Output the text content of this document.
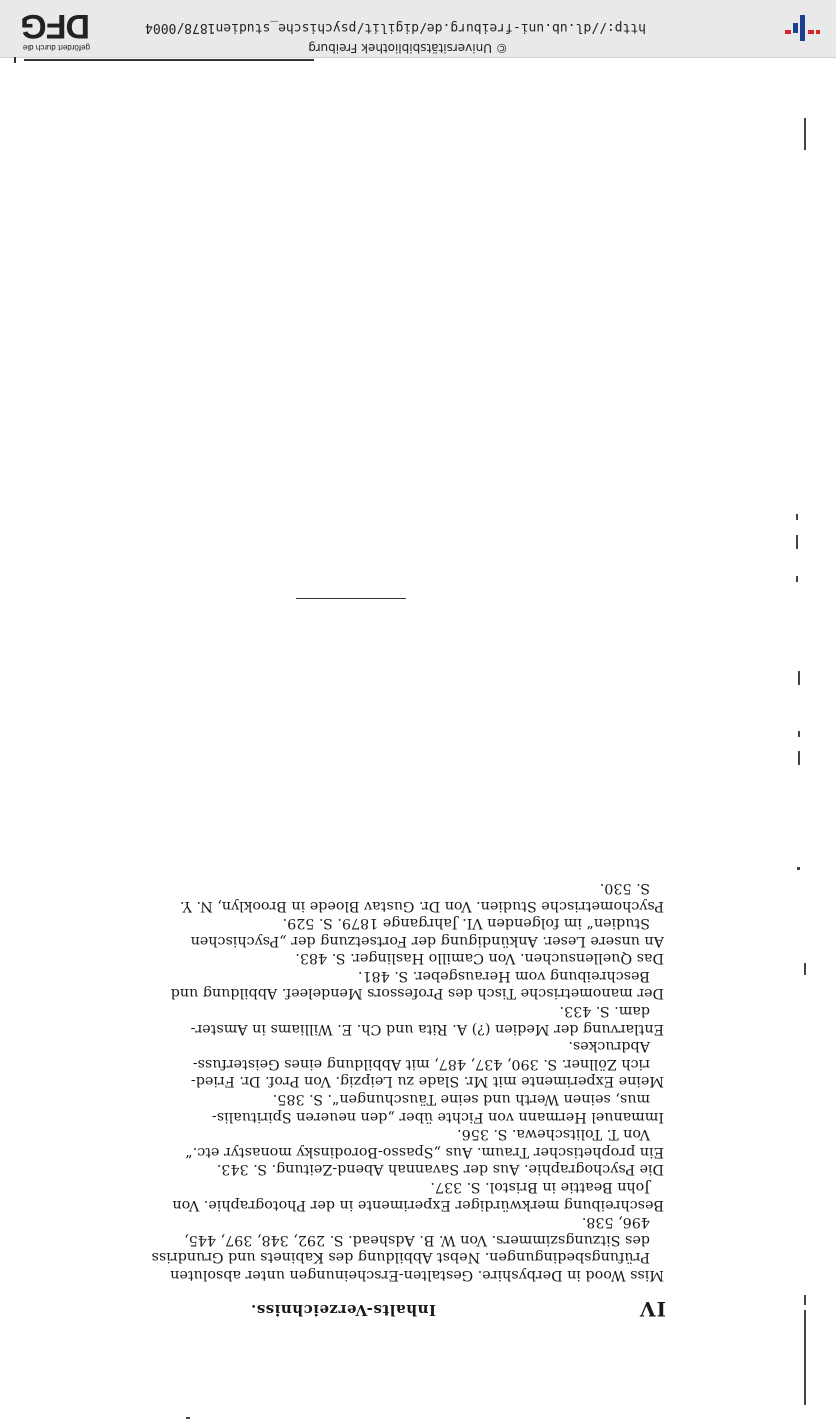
http://dl.ub.uni-freiburg.de/digilit/psychische_studien1878/0004
© Universitätsbibliothek Freiburg
gefördert durch die
DFG
IV
Inhalts-Verzeichniss.

Miss Wood in Derbyshire. Gestalten-Erscheinungen unter absoluten
Prüfungsbedingungen. Nebst Abbildung des Kabinets und Grundriss
des Sitzungszimmers. Von W. B. Adshead. S. 292, 348, 397, 445,
496, 538.

Beschreibung merkwürdiger Experimente in der Photographie. Von
John Beattie in Bristol. S. 337.

Die Psychographie. Aus der Savannah Abend-Zeitung. S. 343.

Ein prophetischer Traum. Aus „Spasso-Borodinsky monastyr etc.“
Von T. Tolitschewa. S. 356.

Immanuel Hermann von Fichte über „den neueren Spiritualis-
mus, seinen Werth und seine Täuschungen“. S. 385.

Meine Experimente mit Mr. Slade zu Leipzig. Von Prof. Dr. Fried-
rich Zöllner. S. 390, 437, 487, mit Abbildung eines Geisterfuss-
Abdruckes.

Entlarvung der Medien (?) A. Rita und Ch. E. Williams in Amster-
dam. S. 433.

Der manometrische Tisch des Professors Mendeleef. Abbildung und
Beschreibung vom Herausgeber. S. 481.

Das Quellensuchen. Von Camillo Haslinger. S. 483.

An unsere Leser. Ankündigung der Fortsetzung der „Psychischen
Studien“ im folgenden VI. Jahrgange 1879. S. 529.

Psychometrische Studien. Von Dr. Gustav Bloede in Brooklyn, N. Y.
S. 530.
